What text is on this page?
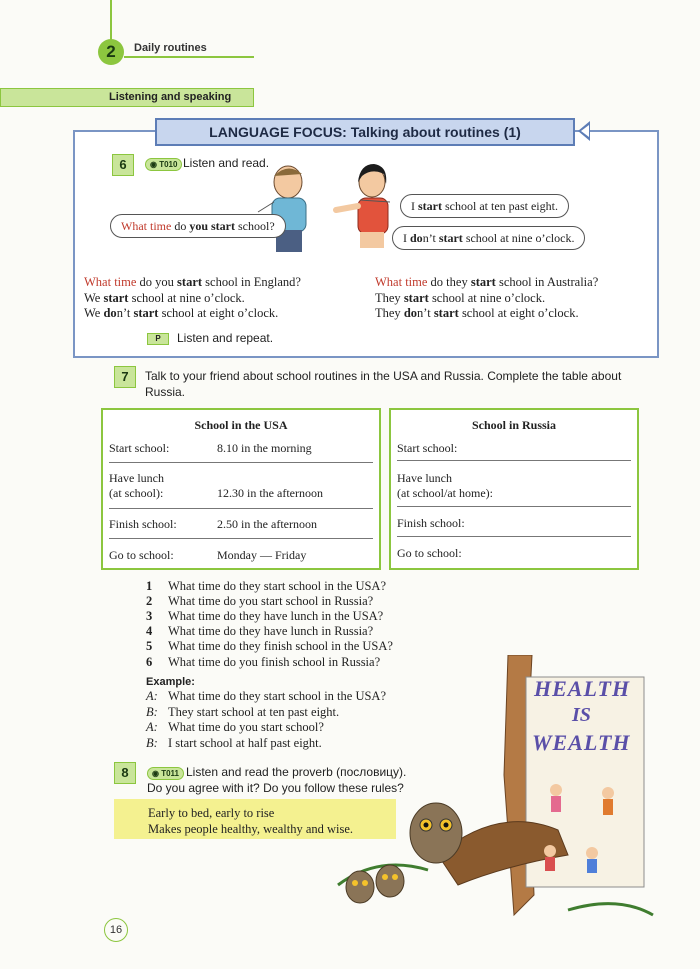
2	Daily routines
Listening and speaking
LANGUAGE FOCUS: Talking about routines (1)
6	◉ T010 Listen and read.
What time do you start school?
I start school at ten past eight.
I don’t start school at nine o’clock.
What time do you start school in England?
We start school at nine o’clock.
We don’t start school at eight o’clock.
What time do they start school in Australia?
They start school at nine o’clock.
They don’t start school at eight o’clock.
P	Listen and repeat.
7	Talk to your friend about school routines in the USA and Russia. Complete the table about
Russia.
School in the USA
Start school:	8.10 in the morning
Have lunch
(at school):	12.30 in the afternoon
Finish school:	2.50 in the afternoon
Go to school:	Monday — Friday
School in Russia
Start school:
Have lunch
(at school/at home):
Finish school:
Go to school:
1 What time do they start school in the USA?
2 What time do you start school in Russia?
3 What time do they have lunch in the USA?
4 What time do they have lunch in Russia?
5 What time do they finish school in the USA?
6 What time do you finish school in Russia?
Example:
A: What time do they start school in the USA?
B: They start school at ten past eight.
A: What time do you start school?
B: I start school at half past eight.
8	◉ T011 Listen and read the proverb (пословицу).
Do you agree with it? Do you follow these rules?
Early to bed, early to rise
Makes people healthy, wealthy and wise.
HEALTH
IS
WEALTH
16
